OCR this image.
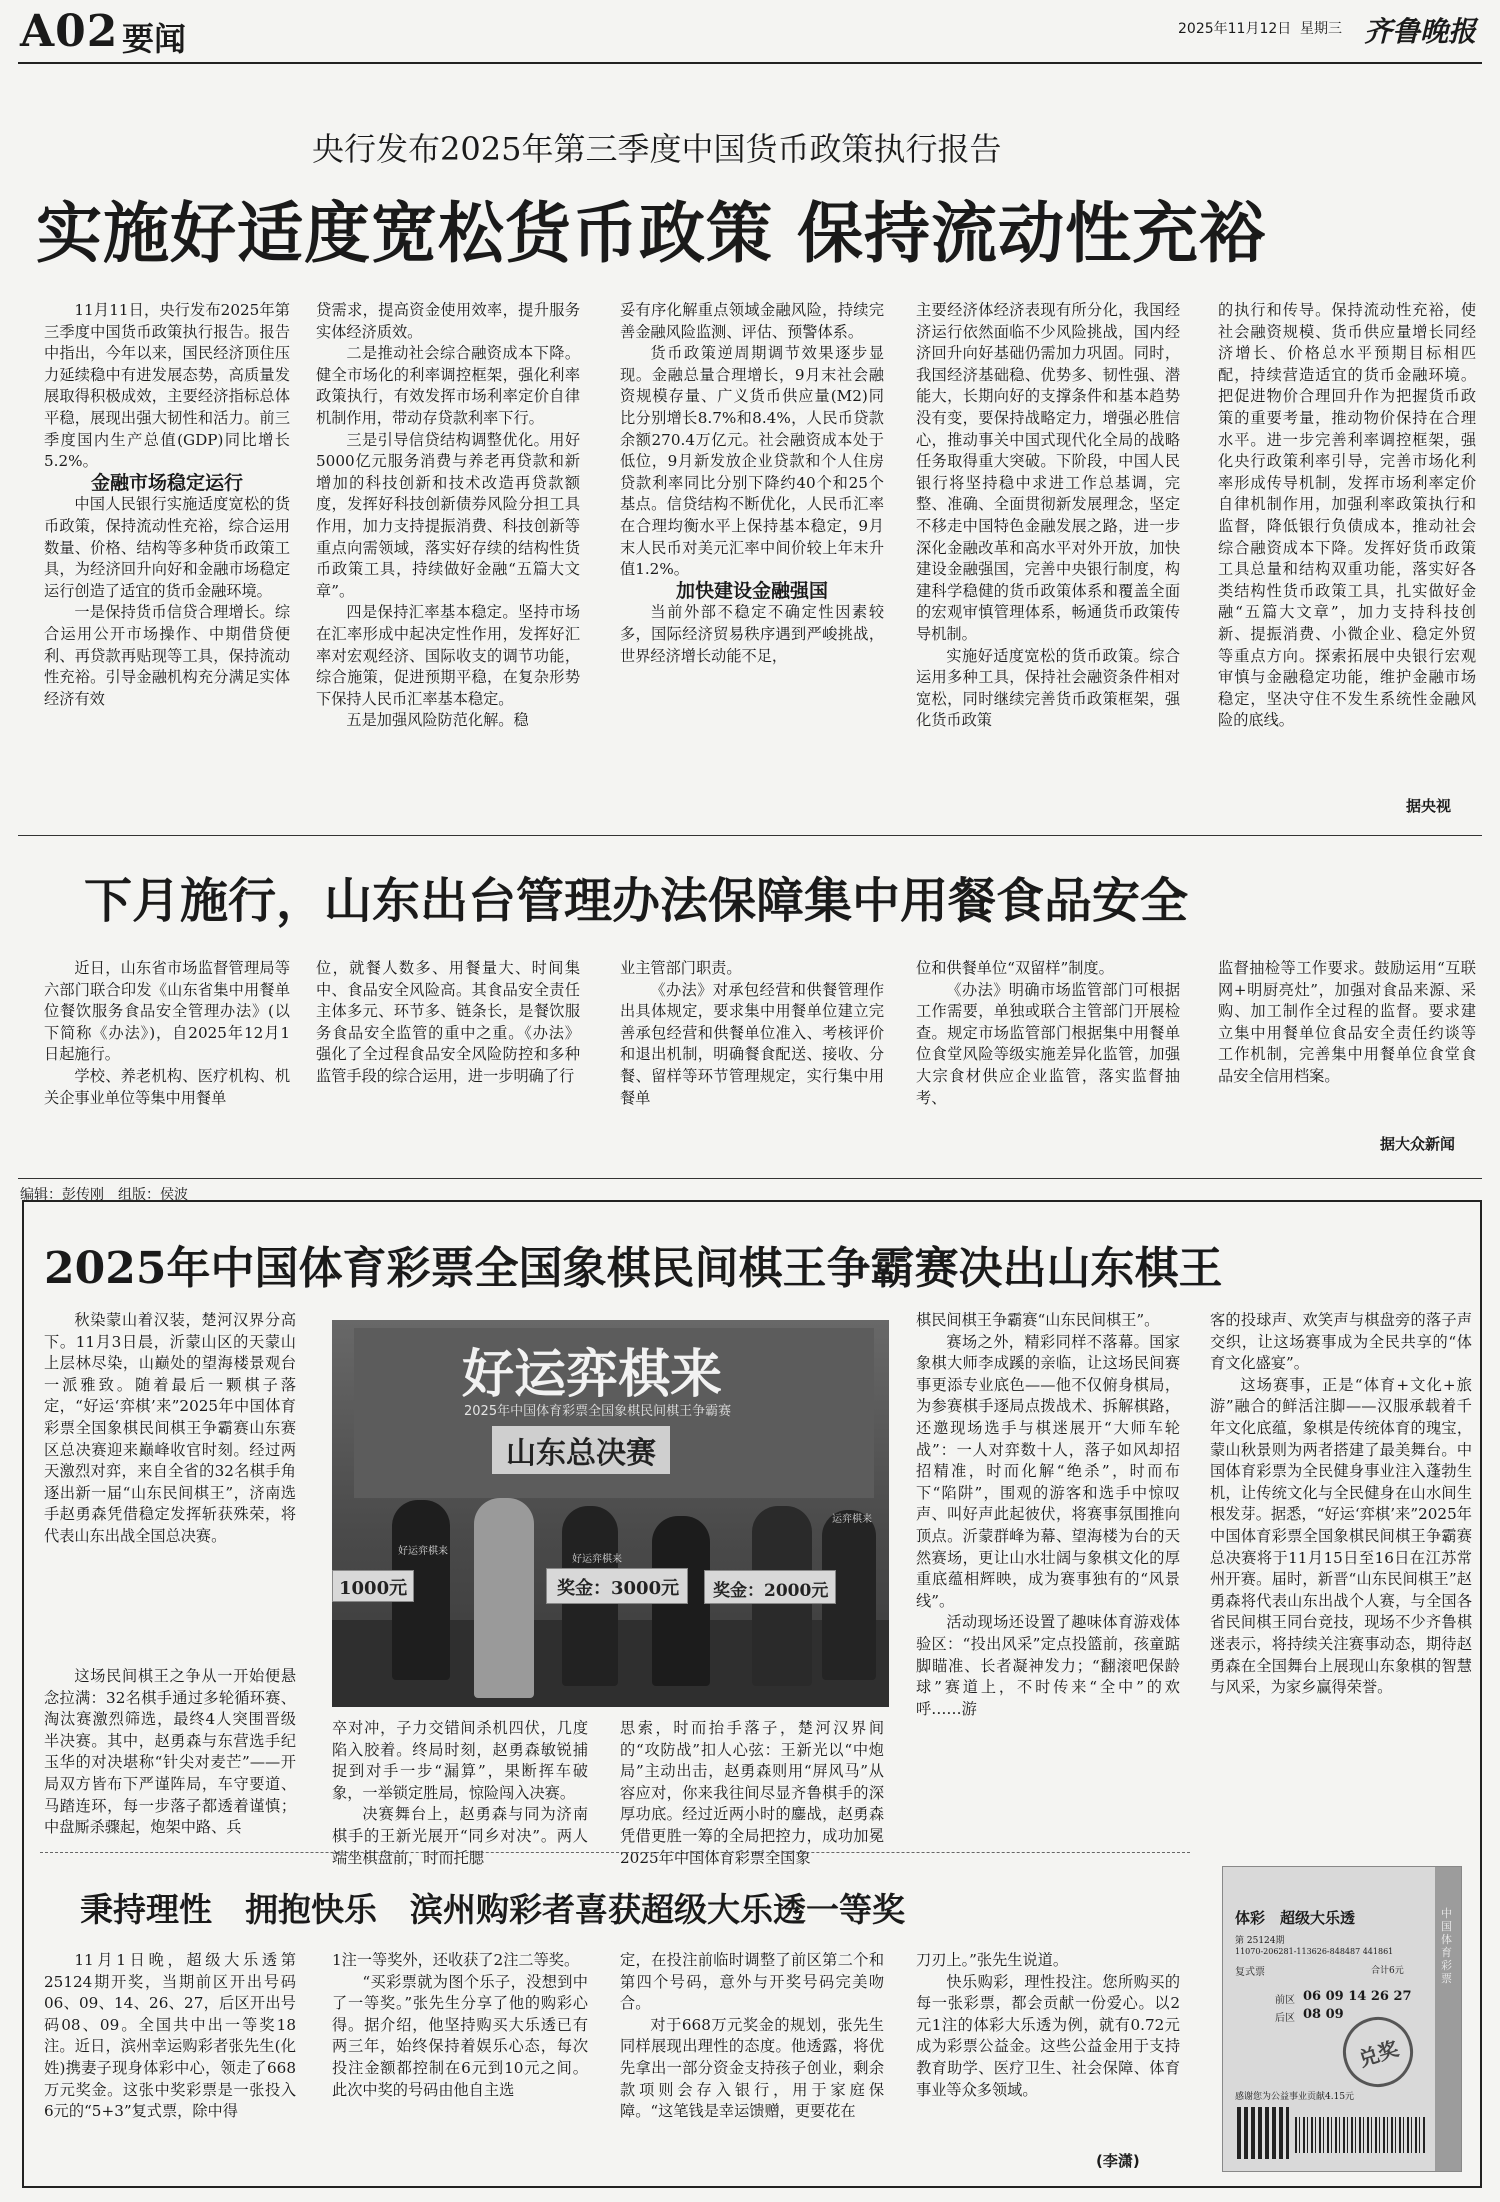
A02 要闻	2025年11月12日 星期三 齐鲁晚报
央行发布2025年第三季度中国货币政策执行报告
实施好适度宽松货币政策 保持流动性充裕

11月11日，央行发布2025年第三季度中国货币政策执行报告。报告中指出，今年以来，国民经济顶住压力延续稳中有进发展态势，高质量发展取得积极成效，主要经济指标总体平稳，展现出强大韧性和活力。前三季度国内生产总值(GDP)同比增长5.2%。

金融市场稳定运行

中国人民银行实施适度宽松的货币政策，保持流动性充裕，综合运用数量、价格、结构等多种货币政策工具，为经济回升向好和金融市场稳定运行创造了适宜的货币金融环境。

一是保持货币信贷合理增长。综合运用公开市场操作、中期借贷便利、再贷款再贴现等工具，保持流动性充裕。引导金融机构充分满足实体经济有效

贷需求，提高资金使用效率，提升服务实体经济质效。

二是推动社会综合融资成本下降。健全市场化的利率调控框架，强化利率政策执行，有效发挥市场利率定价自律机制作用，带动存贷款利率下行。

三是引导信贷结构调整优化。用好5000亿元服务消费与养老再贷款和新增加的科技创新和技术改造再贷款额度，发挥好科技创新债券风险分担工具作用，加力支持提振消费、科技创新等重点向需领域，落实好存续的结构性货币政策工具，持续做好金融“五篇大文章”。

四是保持汇率基本稳定。坚持市场在汇率形成中起决定性作用，发挥好汇率对宏观经济、国际收支的调节功能，综合施策，促进预期平稳，在复杂形势下保持人民币汇率基本稳定。

五是加强风险防范化解。稳

妥有序化解重点领域金融风险，持续完善金融风险监测、评估、预警体系。

货币政策逆周期调节效果逐步显现。金融总量合理增长，9月末社会融资规模存量、广义货币供应量(M2)同比分别增长8.7%和8.4%，人民币贷款余额270.4万亿元。社会融资成本处于低位，9月新发放企业贷款和个人住房贷款利率同比分别下降约40个和25个基点。信贷结构不断优化，人民币汇率在合理均衡水平上保持基本稳定，9月末人民币对美元汇率中间价较上年末升值1.2%。

加快建设金融强国

当前外部不稳定不确定性因素较多，国际经济贸易秩序遇到严峻挑战，世界经济增长动能不足，

主要经济体经济表现有所分化，我国经济运行依然面临不少风险挑战，国内经济回升向好基础仍需加力巩固。同时，我国经济基础稳、优势多、韧性强、潜能大，长期向好的支撑条件和基本趋势没有变，要保持战略定力，增强必胜信心，推动事关中国式现代化全局的战略任务取得重大突破。下阶段，中国人民银行将坚持稳中求进工作总基调，完整、准确、全面贯彻新发展理念，坚定不移走中国特色金融发展之路，进一步深化金融改革和高水平对外开放，加快建设金融强国，完善中央银行制度，构建科学稳健的货币政策体系和覆盖全面的宏观审慎管理体系，畅通货币政策传导机制。

实施好适度宽松的货币政策。综合运用多种工具，保持社会融资条件相对宽松，同时继续完善货币政策框架，强化货币政策

的执行和传导。保持流动性充裕，使社会融资规模、货币供应量增长同经济增长、价格总水平预期目标相匹配，持续营造适宜的货币金融环境。把促进物价合理回升作为把握货币政策的重要考量，推动物价保持在合理水平。进一步完善利率调控框架，强化央行政策利率引导，完善市场化利率形成传导机制，发挥市场利率定价自律机制作用，加强利率政策执行和监督，降低银行负债成本，推动社会综合融资成本下降。发挥好货币政策工具总量和结构双重功能，落实好各类结构性货币政策工具，扎实做好金融“五篇大文章”，加力支持科技创新、提振消费、小微企业、稳定外贸等重点方向。探索拓展中央银行宏观审慎与金融稳定功能，维护金融市场稳定，坚决守住不发生系统性金融风险的底线。

据央视
下月施行，山东出台管理办法保障集中用餐食品安全

近日，山东省市场监督管理局等六部门联合印发《山东省集中用餐单位餐饮服务食品安全管理办法》(以下简称《办法》)，自2025年12月1日起施行。

学校、养老机构、医疗机构、机关企事业单位等集中用餐单

位，就餐人数多、用餐量大、时间集中、食品安全风险高。其食品安全责任主体多元、环节多、链条长，是餐饮服务食品安全监管的重中之重。《办法》强化了全过程食品安全风险防控和多种监管手段的综合运用，进一步明确了行

业主管部门职责。

《办法》对承包经营和供餐管理作出具体规定，要求集中用餐单位建立完善承包经营和供餐单位准入、考核评价和退出机制，明确餐食配送、接收、分餐、留样等环节管理规定，实行集中用餐单

位和供餐单位“双留样”制度。

《办法》明确市场监管部门可根据工作需要，单独或联合主管部门开展检查。规定市场监管部门根据集中用餐单位食堂风险等级实施差异化监管，加强大宗食材供应企业监管，落实监督抽考、

监督抽检等工作要求。鼓励运用“互联网+明厨亮灶”，加强对食品来源、采购、加工制作全过程的监督。要求建立集中用餐单位食品安全责任约谈等工作机制，完善集中用餐单位食堂食品安全信用档案。

据大众新闻
编辑：彭传刚　组版：侯波
2025年中国体育彩票全国象棋民间棋王争霸赛决出山东棋王

秋染蒙山着汉装，楚河汉界分高下。11月3日晨，沂蒙山区的天蒙山上层林尽染，山巅处的望海楼景观台一派雅致。随着最后一颗棋子落定，“好运‘弈棋’来”2025年中国体育彩票全国象棋民间棋王争霸赛山东赛区总决赛迎来巅峰收官时刻。经过两天激烈对弈，来自全省的32名棋手角逐出新一届“山东民间棋王”，济南选手赵勇森凭借稳定发挥斩获殊荣，将代表山东出战全国总决赛。

好运弈棋来
2025年中国体育彩票全国象棋民间棋王争霸赛
山东总决赛
1000元	奖金：3000元 奖金：2000元
好运弈棋来
好运弈棋来
运弈棋来

这场民间棋王之争从一开始便悬念拉满：32名棋手通过多轮循环赛、淘汰赛激烈筛选，最终4人突围晋级半决赛。其中，赵勇森与东营选手纪玉华的对决堪称“针尖对麦芒”——开局双方皆布下严谨阵局，车守要道、马踏连环，每一步落子都透着谨慎；中盘厮杀骤起，炮架中路、兵

卒对冲，子力交错间杀机四伏，几度陷入胶着。终局时刻，赵勇森敏锐捕捉到对手一步“漏算”，果断挥车破象，一举锁定胜局，惊险闯入决赛。

决赛舞台上，赵勇森与同为济南棋手的王新光展开“同乡对决”。两人端坐棋盘前，时而托腮

思索，时而抬手落子，楚河汉界间的“攻防战”扣人心弦：王新光以“中炮局”主动出击，赵勇森则用“屏风马”从容应对，你来我往间尽显齐鲁棋手的深厚功底。经过近两小时的鏖战，赵勇森凭借更胜一筹的全局把控力，成功加冕2025年中国体育彩票全国象

棋民间棋王争霸赛“山东民间棋王”。

赛场之外，精彩同样不落幕。国家象棋大师李成蹊的亲临，让这场民间赛事更添专业底色——他不仅俯身棋局，为参赛棋手逐局点拨战术、拆解棋路，还邀现场选手与棋迷展开“大师车轮战”：一人对弈数十人，落子如风却招招精准，时而化解“绝杀”，时而布下“陷阱”，围观的游客和选手中惊叹声、叫好声此起彼伏，将赛事氛围推向顶点。沂蒙群峰为幕、望海楼为台的天然赛场，更让山水壮阔与象棋文化的厚重底蕴相辉映，成为赛事独有的“风景线”。

活动现场还设置了趣味体育游戏体验区：“投出风采”定点投篮前，孩童踮脚瞄准、长者凝神发力；“翻滚吧保龄球”赛道上，不时传来“全中”的欢呼……游

客的投球声、欢笑声与棋盘旁的落子声交织，让这场赛事成为全民共享的“体育文化盛宴”。

这场赛事，正是“体育+文化+旅游”融合的鲜活注脚——汉服承载着千年文化底蕴，象棋是传统体育的瑰宝，蒙山秋景则为两者搭建了最美舞台。中国体育彩票为全民健身事业注入蓬勃生机，让传统文化与全民健身在山水间生根发芽。据悉，“好运‘弈棋’来”2025年中国体育彩票全国象棋民间棋王争霸赛总决赛将于11月15日至16日在江苏常州开赛。届时，新晋“山东民间棋王”赵勇森将代表山东出战个人赛，与全国各省民间棋王同台竞技，现场不少齐鲁棋迷表示，将持续关注赛事动态，期待赵勇森在全国舞台上展现山东象棋的智慧与风采，为家乡赢得荣誉。

秉持理性　拥抱快乐　滨州购彩者喜获超级大乐透一等奖

11月1日晚，超级大乐透第25124期开奖，当期前区开出号码06、09、14、26、27，后区开出号码08、09。全国共中出一等奖18注。近日，滨州幸运购彩者张先生(化姓)携妻子现身体彩中心，领走了668万元奖金。这张中奖彩票是一张投入6元的“5+3”复式票，除中得

1注一等奖外，还收获了2注二等奖。

“买彩票就为图个乐子，没想到中了一等奖。”张先生分享了他的购彩心得。据介绍，他坚持购买大乐透已有两三年，始终保持着娱乐心态，每次投注金额都控制在6元到10元之间。此次中奖的号码由他自主选

定，在投注前临时调整了前区第二个和第四个号码，意外与开奖号码完美吻合。

对于668万元奖金的规划，张先生同样展现出理性的态度。他透露，将优先拿出一部分资金支持孩子创业，剩余款项则会存入银行，用于家庭保障。“这笔钱是幸运馈赠，更要花在

刀刃上。”张先生说道。

快乐购彩，理性投注。您所购买的每一张彩票，都会贡献一份爱心。以2元1注的体彩大乐透为例，就有0.72元成为彩票公益金。这些公益金用于支持教育助学、医疗卫生、社会保障、体育事业等众多领域。

(李潇)
中国体育彩票
体彩　超级大乐透
第 25124期
11070-206281-113626-848487 441861
复式票	合计6元
前区 06 09 14 26 27
后区 08 09
兑奖
感谢您为公益事业贡献4.15元
